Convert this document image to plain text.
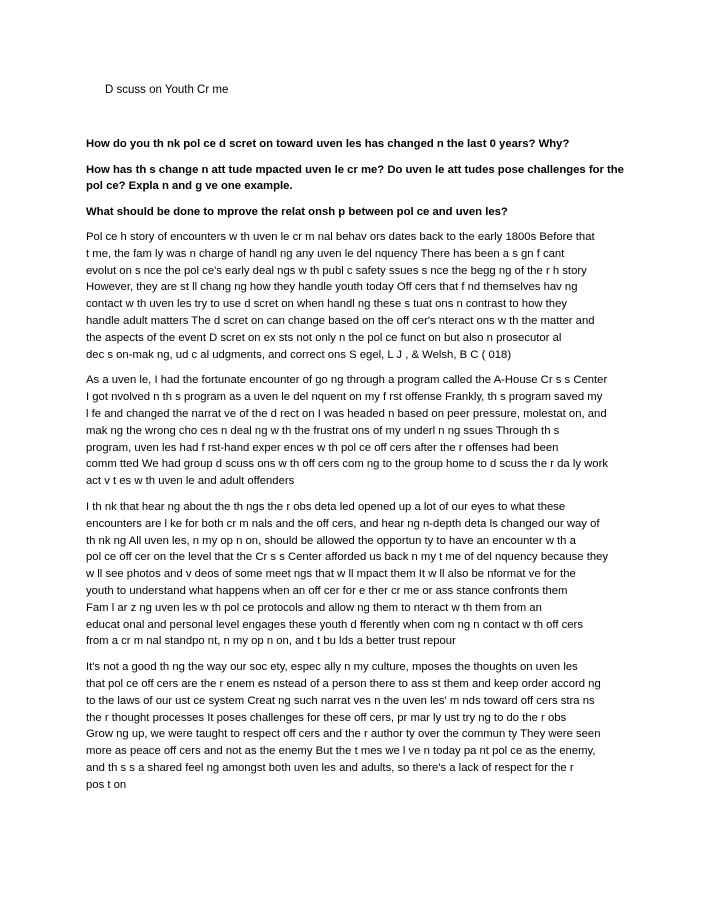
D scuss on Youth Cr me
How do you th nk pol ce d scret on toward uven les has changed n the last 0 years? Why?
How has th s change n att tude mpacted uven le cr me? Do uven le att tudes pose challenges for the
pol ce? Expla n and g ve one example.
What should be done to mprove the relat onsh p between pol ce and uven les?
Pol ce h story of encounters w th uven le cr m nal behav ors dates back to the early 1800s Before that
t me, the fam ly was n charge of handl ng any uven le del nquency There has been a s gn f cant
evolut on s nce the pol ce's early deal ngs w th publ c safety ssues s nce the begg ng of the r h story
However, they are st ll chang ng how they handle youth today Off cers that f nd themselves hav ng
contact w th uven les try to use d scret on when handl ng these s tuat ons n contrast to how they
handle adult matters The d scret on can change based on the off cer's nteract ons w th the matter and
the aspects of the event D scret on ex sts not only n the pol ce funct on but also n prosecutor al
dec s on-mak ng, ud c al udgments, and correct ons S egel, L J , & Welsh, B C ( 018)
As a uven le, I had the fortunate encounter of go ng through a program called the A-House Cr s s Center
I got nvolved n th s program as a uven le del nquent on my f rst offense Frankly, th s program saved my
l fe and changed the narrat ve of the d rect on I was headed n based on peer pressure, molestat on, and
mak ng the wrong cho ces n deal ng w th the frustrat ons of my underl n ng ssues Through th s
program, uven les had f rst-hand exper ences w th pol ce off cers after the r offenses had been
comm tted We had group d scuss ons w th off cers com ng to the group home to d scuss the r da ly work
act v t es w th uven le and adult offenders
I th nk that hear ng about the th ngs the r obs deta led opened up a lot of our eyes to what these
encounters are l ke for both cr m nals and the off cers, and hear ng n-depth deta ls changed our way of
th nk ng All uven les, n my op n on, should be allowed the opportun ty to have an encounter w th a
pol ce off cer on the level that the Cr s s Center afforded us back n my t me of del nquency because they
w ll see photos and v deos of some meet ngs that w ll mpact them It w ll also be nformat ve for the
youth to understand what happens when an off cer for e ther cr me or ass stance confronts them
Fam l ar z ng uven les w th pol ce protocols and allow ng them to nteract w th them from an
educat onal and personal level engages these youth d fferently when com ng n contact w th off cers
from a cr m nal standpo nt, n my op n on, and t bu lds a better trust repour
It's not a good th ng the way our soc ety, espec ally n my culture, mposes the thoughts on uven les
that pol ce off cers are the r enem es nstead of a person there to ass st them and keep order accord ng
to the laws of our ust ce system Creat ng such narrat ves n the uven les' m nds toward off cers stra ns
the r thought processes It poses challenges for these off cers, pr mar ly ust try ng to do the r obs
Grow ng up, we were taught to respect off cers and the r author ty over the commun ty They were seen
more as peace off cers and not as the enemy But the t mes we l ve n today pa nt pol ce as the enemy,
and th s s a shared feel ng amongst both uven les and adults, so there's a lack of respect for the r
pos t on
